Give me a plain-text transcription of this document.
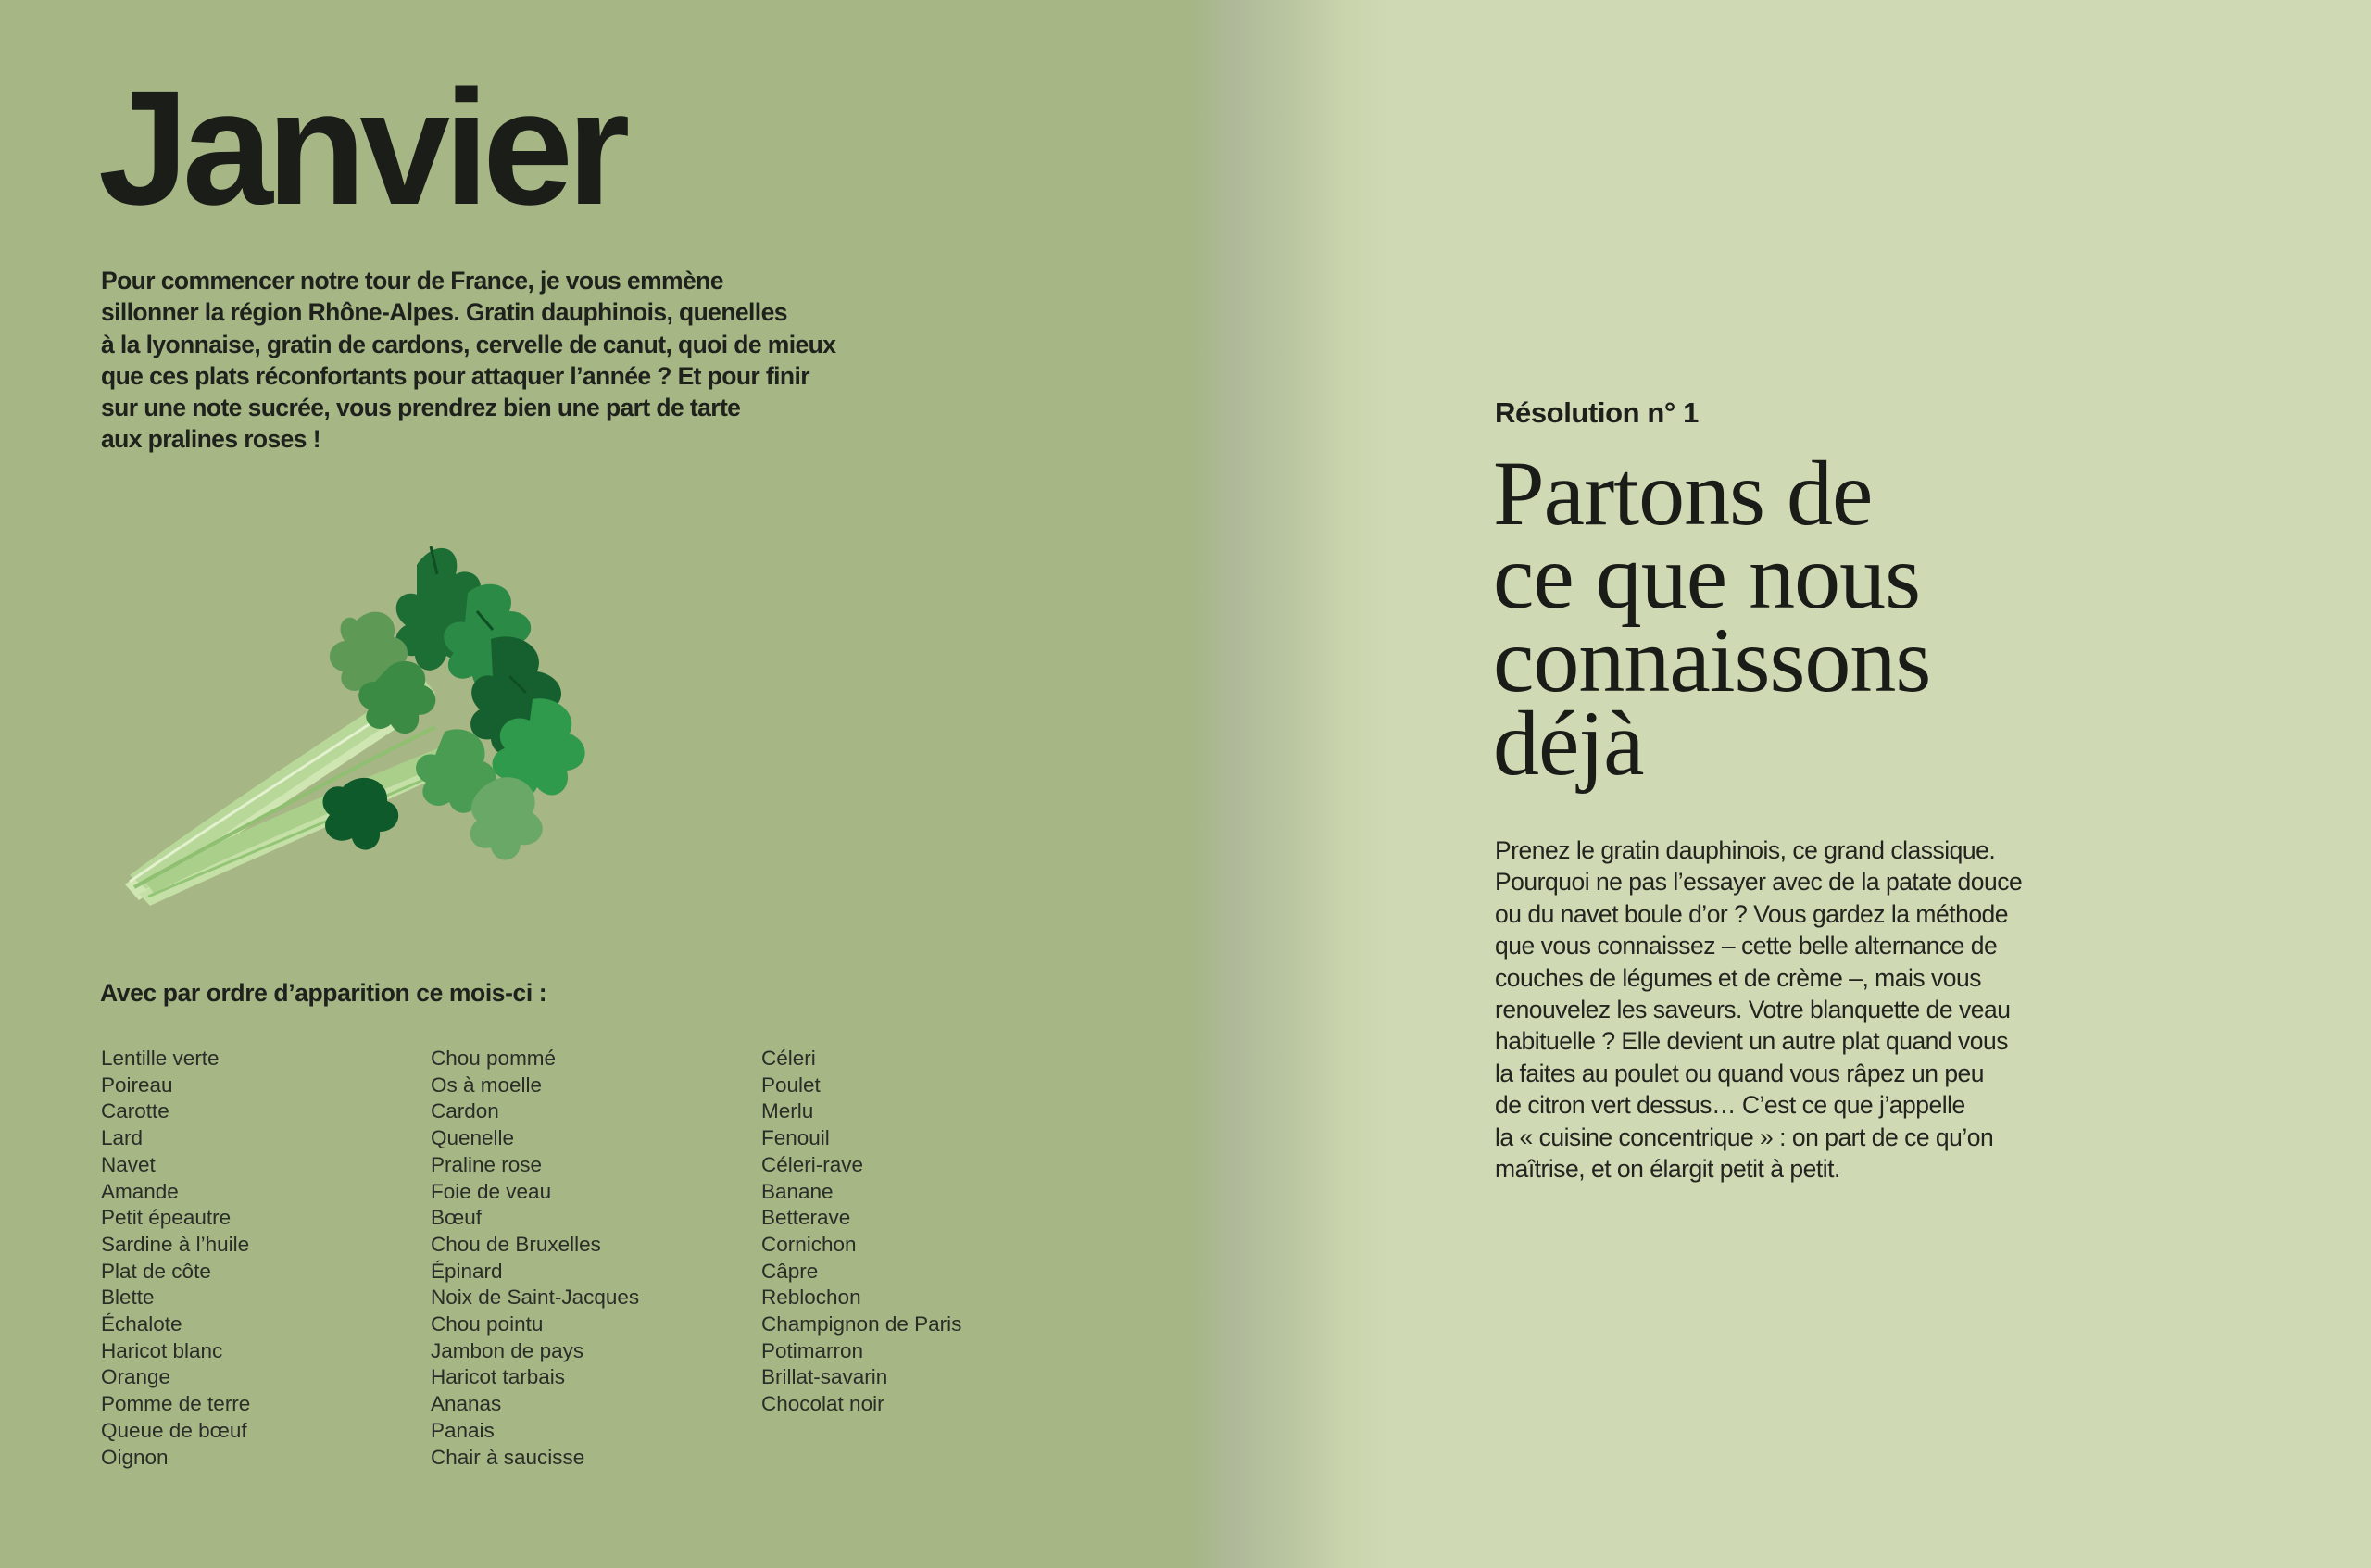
Janvier

Pour commencer notre tour de France, je vous emmène
sillonner la région Rhône-Alpes. Gratin dauphinois, quenelles
à la lyonnaise, gratin de cardons, cervelle de canut, quoi de mieux
que ces plats réconfortants pour attaquer l’année ? Et pour finir
sur une note sucrée, vous prendrez bien une part de tarte
aux pralines roses !

Avec par ordre d’apparition ce mois-ci :
Lentille verte
Poireau
Carotte
Lard
Navet
Amande
Petit épeautre
Sardine à l’huile
Plat de côte
Blette
Échalote
Haricot blanc
Orange
Pomme de terre
Queue de bœuf
Oignon
Chou pommé
Os à moelle
Cardon
Quenelle
Praline rose
Foie de veau
Bœuf
Chou de Bruxelles
Épinard
Noix de Saint-Jacques
Chou pointu
Jambon de pays
Haricot tarbais
Ananas
Panais
Chair à saucisse
Céleri
Poulet
Merlu
Fenouil
Céleri-rave
Banane
Betterave
Cornichon
Câpre
Reblochon
Champignon de Paris
Potimarron
Brillat-savarin
Chocolat noir

Résolution n° 1

Partons de
ce que nous
connaissons
déjà

Prenez le gratin dauphinois, ce grand classique.
Pourquoi ne pas l’essayer avec de la patate douce
ou du navet boule d’or ? Vous gardez la méthode
que vous connaissez – cette belle alternance de
couches de légumes et de crème –, mais vous
renouvelez les saveurs. Votre blanquette de veau
habituelle ? Elle devient un autre plat quand vous
la faites au poulet ou quand vous râpez un peu
de citron vert dessus… C’est ce que j’appelle
la « cuisine concentrique » : on part de ce qu’on
maîtrise, et on élargit petit à petit.
